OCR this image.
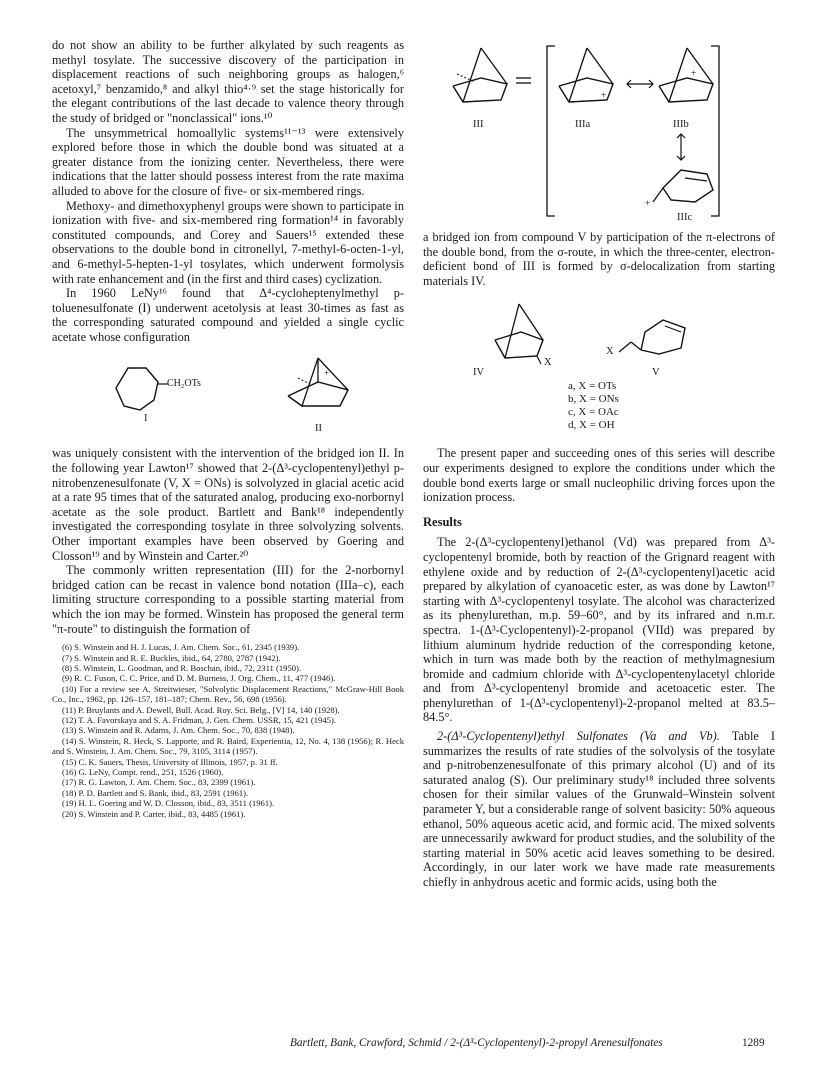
do not show an ability to be further alkylated by such reagents as methyl tosylate. The successive discovery of the participation in displacement reactions of such neighboring groups as halogen,⁶ acetoxyl,⁷ benzamido,⁸ and alkyl thio⁴·⁹ set the stage historically for the elegant contributions of the last decade to valence theory through the study of bridged or "nonclassical" ions.¹⁰

The unsymmetrical homoallylic systems¹¹⁻¹³ were extensively explored before those in which the double bond was situated at a greater distance from the ionizing center. Nevertheless, there were indications that the latter should possess interest from the rate maxima alluded to above for the closure of five- or six-membered rings.

Methoxy- and dimethoxyphenyl groups were shown to participate in ionization with five- and six-membered ring formation¹⁴ in favorably constituted compounds, and Corey and Sauers¹⁵ extended these observations to the double bond in citronellyl, 7-methyl-6-octen-1-yl, and 6-methyl-5-hepten-1-yl tosylates, which underwent formolysis with rate enhancement and (in the first and third cases) cyclization.

In 1960 LeNy¹⁶ found that Δ⁴-cycloheptenylmethyl p-toluenesulfonate (I) underwent acetolysis at least 30-times as fast as the corresponding saturated compound and yielded a single cyclic acetate whose configuration

CH₂OTs
I
+
II

was uniquely consistent with the intervention of the bridged ion II. In the following year Lawton¹⁷ showed that 2-(Δ³-cyclopentenyl)ethyl p-nitrobenzenesulfonate (V, X = ONs) is solvolyzed in glacial acetic acid at a rate 95 times that of the saturated analog, producing exo-norbornyl acetate as the sole product. Bartlett and Bank¹⁸ independently investigated the corresponding tosylate in three solvolyzing solvents. Other important examples have been observed by Goering and Closson¹⁹ and by Winstein and Carter.²⁰

The commonly written representation (III) for the 2-norbornyl bridged cation can be recast in valence bond notation (IIIa–c), each limiting structure corresponding to a possible starting material from which the ion may be formed. Winstein has proposed the general term "π-route" to distinguish the formation of

(6) S. Winstein and H. J. Lucas, J. Am. Chem. Soc., 61, 2345 (1939).

(7) S. Winstein and R. E. Buckles, ibid., 64, 2780, 2787 (1942).

(8) S. Winstein, L. Goodman, and R. Boschan, ibid., 72, 2311 (1950).

(9) R. C. Fuson, C. C. Price, and D. M. Burness, J. Org. Chem., 11, 477 (1946).

(10) For a review see A. Streitwieser, "Solvolytic Displacement Reactions," McGraw-Hill Book Co., Inc., 1962, pp. 126–157, 181–187; Chem. Rev., 56, 698 (1956).

(11) P. Bruylants and A. Dewell, Bull. Acad. Roy. Sci. Belg., [V] 14, 140 (1928).

(12) T. A. Favorskaya and S. A. Fridman, J. Gen. Chem. USSR, 15, 421 (1945).

(13) S. Winstein and R. Adams, J. Am. Chem. Soc., 70, 838 (1948).

(14) S. Winstein, R. Heck, S. Lapporte, and R. Baird, Experientia, 12, No. 4, 138 (1956); R. Heck and S. Winstein, J. Am. Chem. Soc., 79, 3105, 3114 (1957).

(15) C. K. Sauers, Thesis, University of Illinois, 1957, p. 31 ff.

(16) G. LeNy, Compt. rend., 251, 1526 (1960).

(17) R. G. Lawton, J. Am. Chem. Soc., 83, 2399 (1961).

(18) P. D. Bartlett and S. Bank, ibid., 83, 2591 (1961).

(19) H. L. Goering and W. D. Closson, ibid., 83, 3511 (1961).

(20) S. Winstein and P. Carter, ibid., 83, 4485 (1961).

+
+
+
III	IIIa	IIIb
IIIc

a bridged ion from compound V by participation of the π-electrons of the double bond, from the σ-route, in which the three-center, electron-deficient bond of III is formed by σ-delocalization from starting materials IV.

X
X
IV	V
a, X = OTs
b, X = ONs
c, X = OAc
d, X = OH

The present paper and succeeding ones of this series will describe our experiments designed to explore the conditions under which the double bond exerts large or small nucleophilic driving forces upon the ionization process.

Results

The 2-(Δ³-cyclopentenyl)ethanol (Vd) was prepared from Δ³-cyclopentenyl bromide, both by reaction of the Grignard reagent with ethylene oxide and by reduction of 2-(Δ³-cyclopentenyl)acetic acid prepared by alkylation of cyanoacetic ester, as was done by Lawton¹⁷ starting with Δ³-cyclopentenyl tosylate. The alcohol was characterized as its phenylurethan, m.p. 59–60°, and by its infrared and n.m.r. spectra. 1-(Δ³-Cyclopentenyl)-2-propanol (VIId) was prepared by lithium aluminum hydride reduction of the corresponding ketone, which in turn was made both by the reaction of methylmagnesium bromide and cadmium chloride with Δ³-cyclopentenylacetyl chloride and from Δ³-cyclopentenyl bromide and acetoacetic ester. The phenylurethan of 1-(Δ³-cyclopentenyl)-2-propanol melted at 83.5–84.5°.

2-(Δ³-Cyclopentenyl)ethyl Sulfonates (Va and Vb). Table I summarizes the results of rate studies of the solvolysis of the tosylate and p-nitrobenzenesulfonate of this primary alcohol (U) and of its saturated analog (S). Our preliminary study¹⁸ included three solvents chosen for their similar values of the Grunwald–Winstein solvent parameter Y, but a considerable range of solvent basicity: 50% aqueous ethanol, 50% aqueous acetic acid, and formic acid. The mixed solvents are unnecessarily awkward for product studies, and the solubility of the starting material in 50% acetic acid leaves something to be desired. Accordingly, in our later work we have made rate measurements chiefly in anhydrous acetic and formic acids, using both the

Bartlett, Bank, Crawford, Schmid / 2-(Δ³-Cyclopentenyl)-2-propyl Arenesulfonates	1289
